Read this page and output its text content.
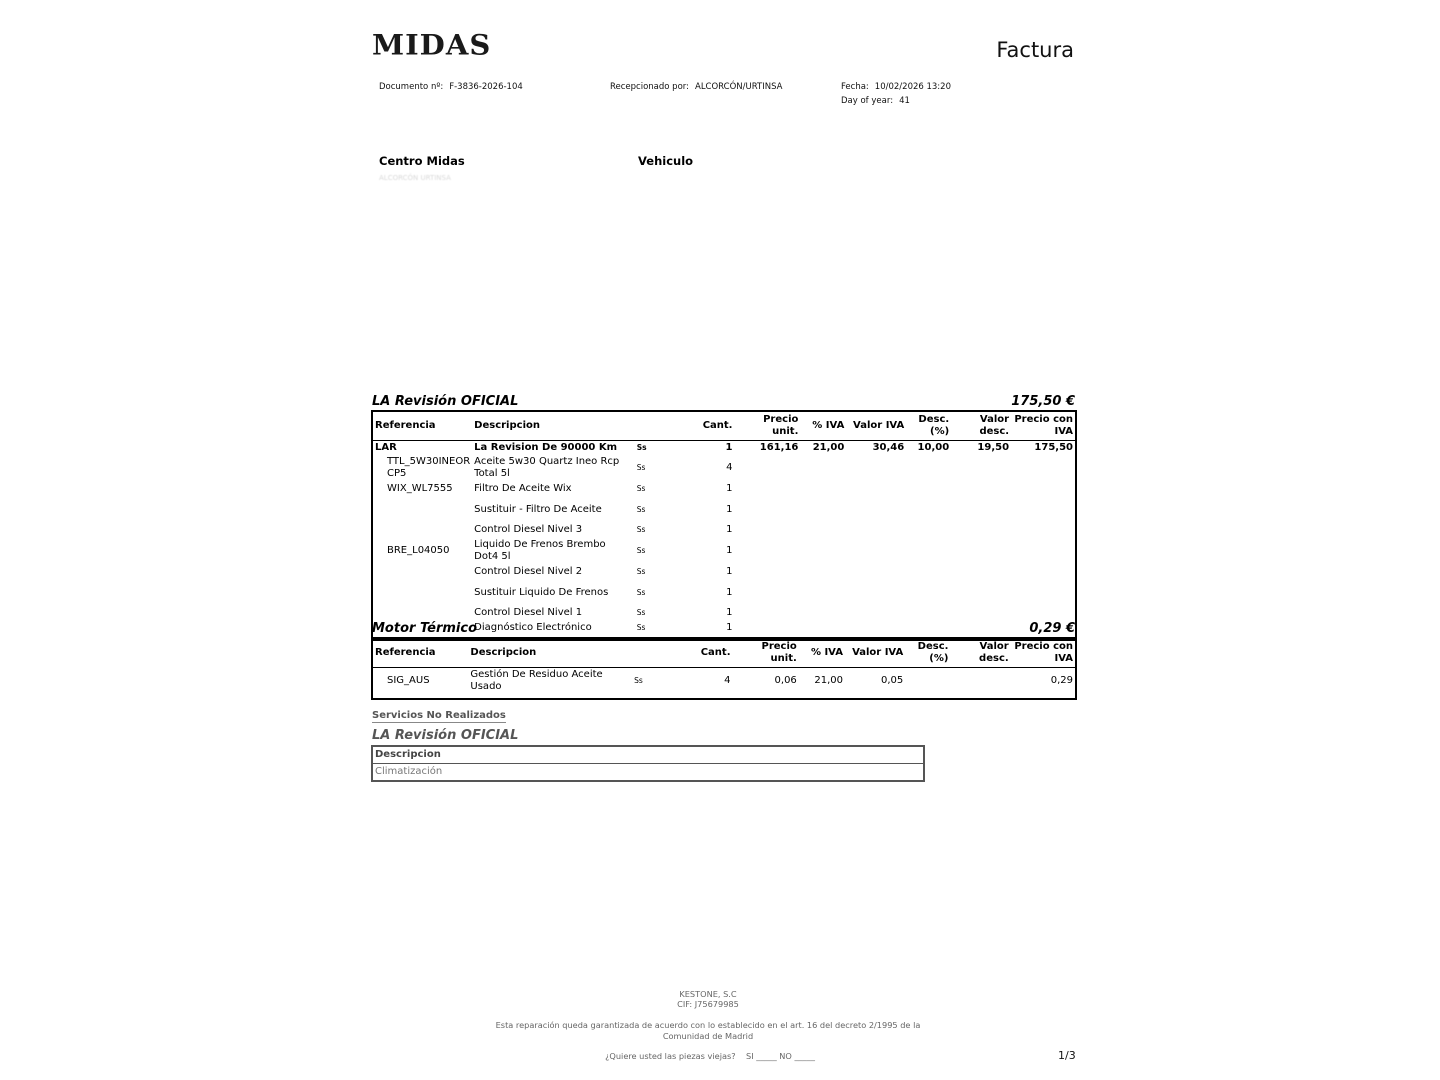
MIDAS	Factura
Documento nº: F-3836-2026-104	Recepcionado por: ALCORCÓN/URTINSA	Fecha: 10/02/2026 13:20
Day of year: 41
Centro Midas
ALCORCÓN URTINSA
Vehiculo
LA Revisión OFICIAL	175,50 €
Referencia	Descripcion		Cant.	Precio unit.	% IVA	Valor IVA	Desc. (%)	Valor desc.	Precio con IVA
LAR	La Revision De 90000 Km	Ss	1	161,16	21,00	30,46	10,00	19,50	175,50
TTL_5W30INEOR CP5	Aceite 5w30 Quartz Ineo Rcp Total 5l	Ss	4						
WIX_WL7555	Filtro De Aceite Wix	Ss	1						
	Sustituir - Filtro De Aceite	Ss	1						
	Control Diesel Nivel 3	Ss	1						
BRE_L04050	Liquido De Frenos Brembo Dot4 5l	Ss	1						
	Control Diesel Nivel 2	Ss	1						
	Sustituir Liquido De Frenos	Ss	1						
	Control Diesel Nivel 1	Ss	1						
	Diagnóstico Electrónico	Ss	1						

Motor Térmico	0,29 €
Referencia	Descripcion		Cant.	Precio unit.	% IVA	Valor IVA	Desc. (%)	Valor desc.	Precio con IVA
SIG_AUS	Gestión De Residuo Aceite Usado	Ss	4	0,06	21,00	0,05			0,29

Servicios No Realizados
LA Revisión OFICIAL
Descripcion
Climatización
KESTONE, S.C
CIF: J75679985
Esta reparación queda garantizada de acuerdo con lo establecido en el art. 16 del decreto 2/1995 de la
Comunidad de Madrid
¿Quiere usted las piezas viejas?    SI _____ NO _____	1/3
